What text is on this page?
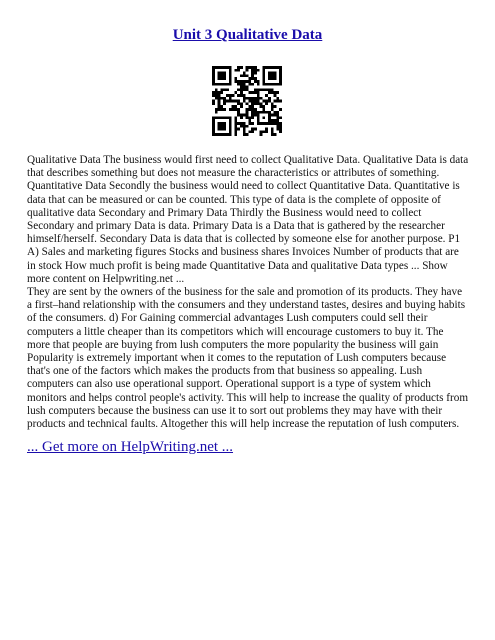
Unit 3 Qualitative Data

Qualitative Data The business would first need to collect Qualitative Data. Qualitative Data is data that describes something but does not measure the characteristics or attributes of something. Quantitative Data Secondly the business would need to collect Quantitative Data. Quantitative is data that can be measured or can be counted. This type of data is the complete of opposite of qualitative data Secondary and Primary Data Thirdly the Business would need to collect Secondary and primary Data is data. Primary Data is a Data that is gathered by the researcher himself/herself. Secondary Data is data that is collected by someone else for another purpose. P1 A) Sales and marketing figures Stocks and business shares Invoices Number of products that are in stock How much profit is being made Quantitative Data and qualitative Data types ... Show more content on Helpwriting.net ...

They are sent by the owners of the business for the sale and promotion of its products. They have a first–hand relationship with the consumers and they understand tastes, desires and buying habits of the consumers. d) For Gaining commercial advantages Lush computers could sell their computers a little cheaper than its competitors which will encourage customers to buy it. The more that people are buying from lush computers the more popularity the business will gain Popularity is extremely important when it comes to the reputation of Lush computers because that's one of the factors which makes the products from that business so appealing. Lush computers can also use operational support. Operational support is a type of system which monitors and helps control people's activity. This will help to increase the quality of products from lush computers because the business can use it to sort out problems they may have with their products and technical faults. Altogether this will help increase the reputation of lush computers.

... Get more on HelpWriting.net ...
